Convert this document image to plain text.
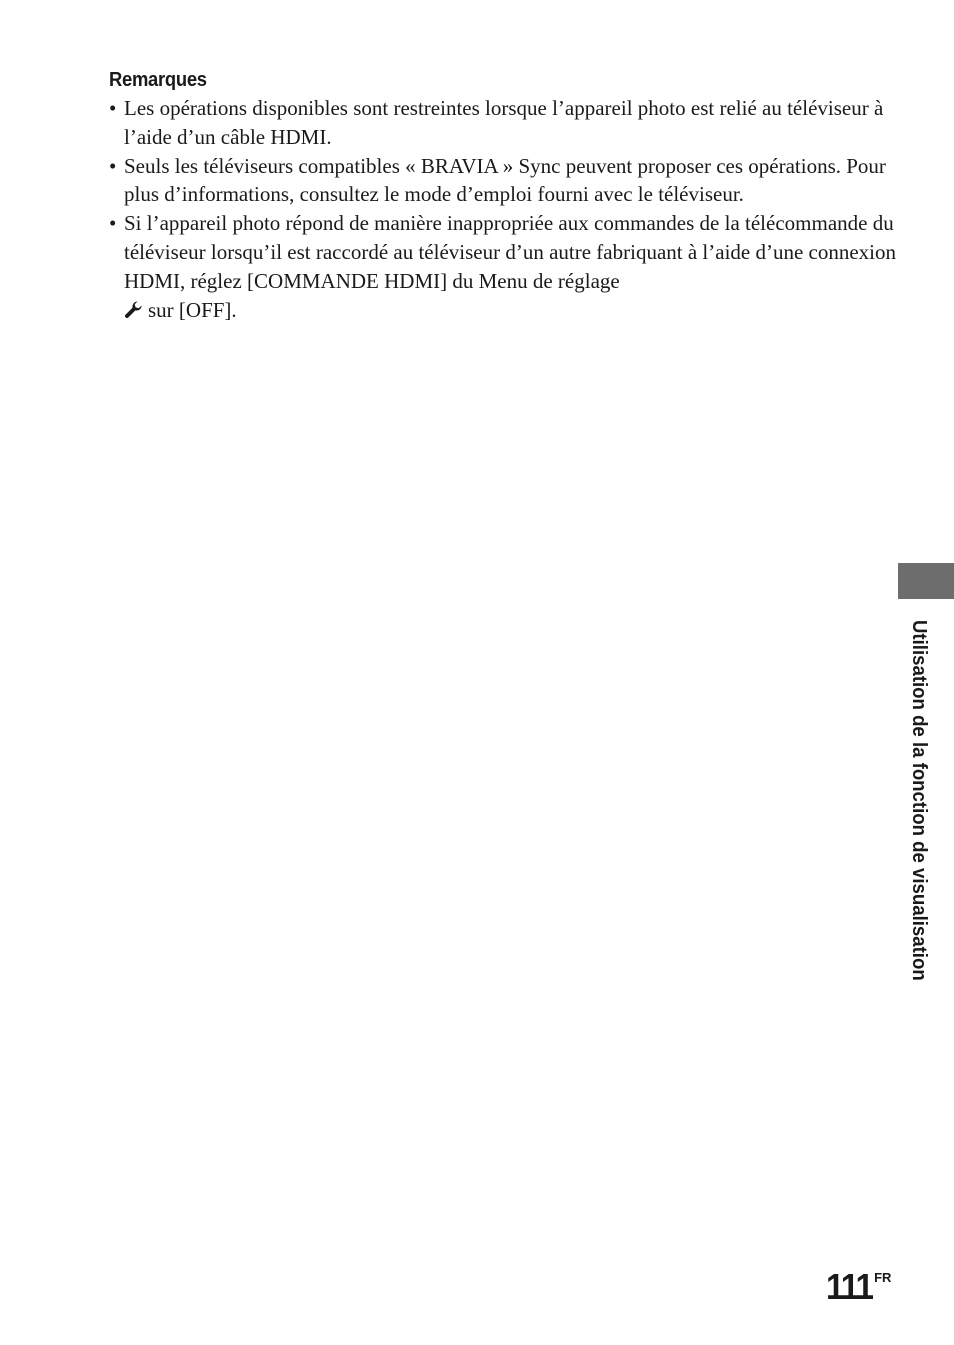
Remarques
• Les opérations disponibles sont restreintes lorsque l’appareil photo est relié au téléviseur à l’aide d’un câble HDMI.
• Seuls les téléviseurs compatibles « BRAVIA » Sync peuvent proposer ces opérations. Pour plus d’informations, consultez le mode d’emploi fourni avec le téléviseur.
• Si l’appareil photo répond de manière inappropriée aux commandes de la télécommande du téléviseur lorsqu’il est raccordé au téléviseur d’un autre fabriquant à l’aide d’une connexion HDMI, réglez [COMMANDE HDMI] du Menu de réglage
sur [OFF].
Utilisation de la fonction de visualisation
111 $^{FR}$
